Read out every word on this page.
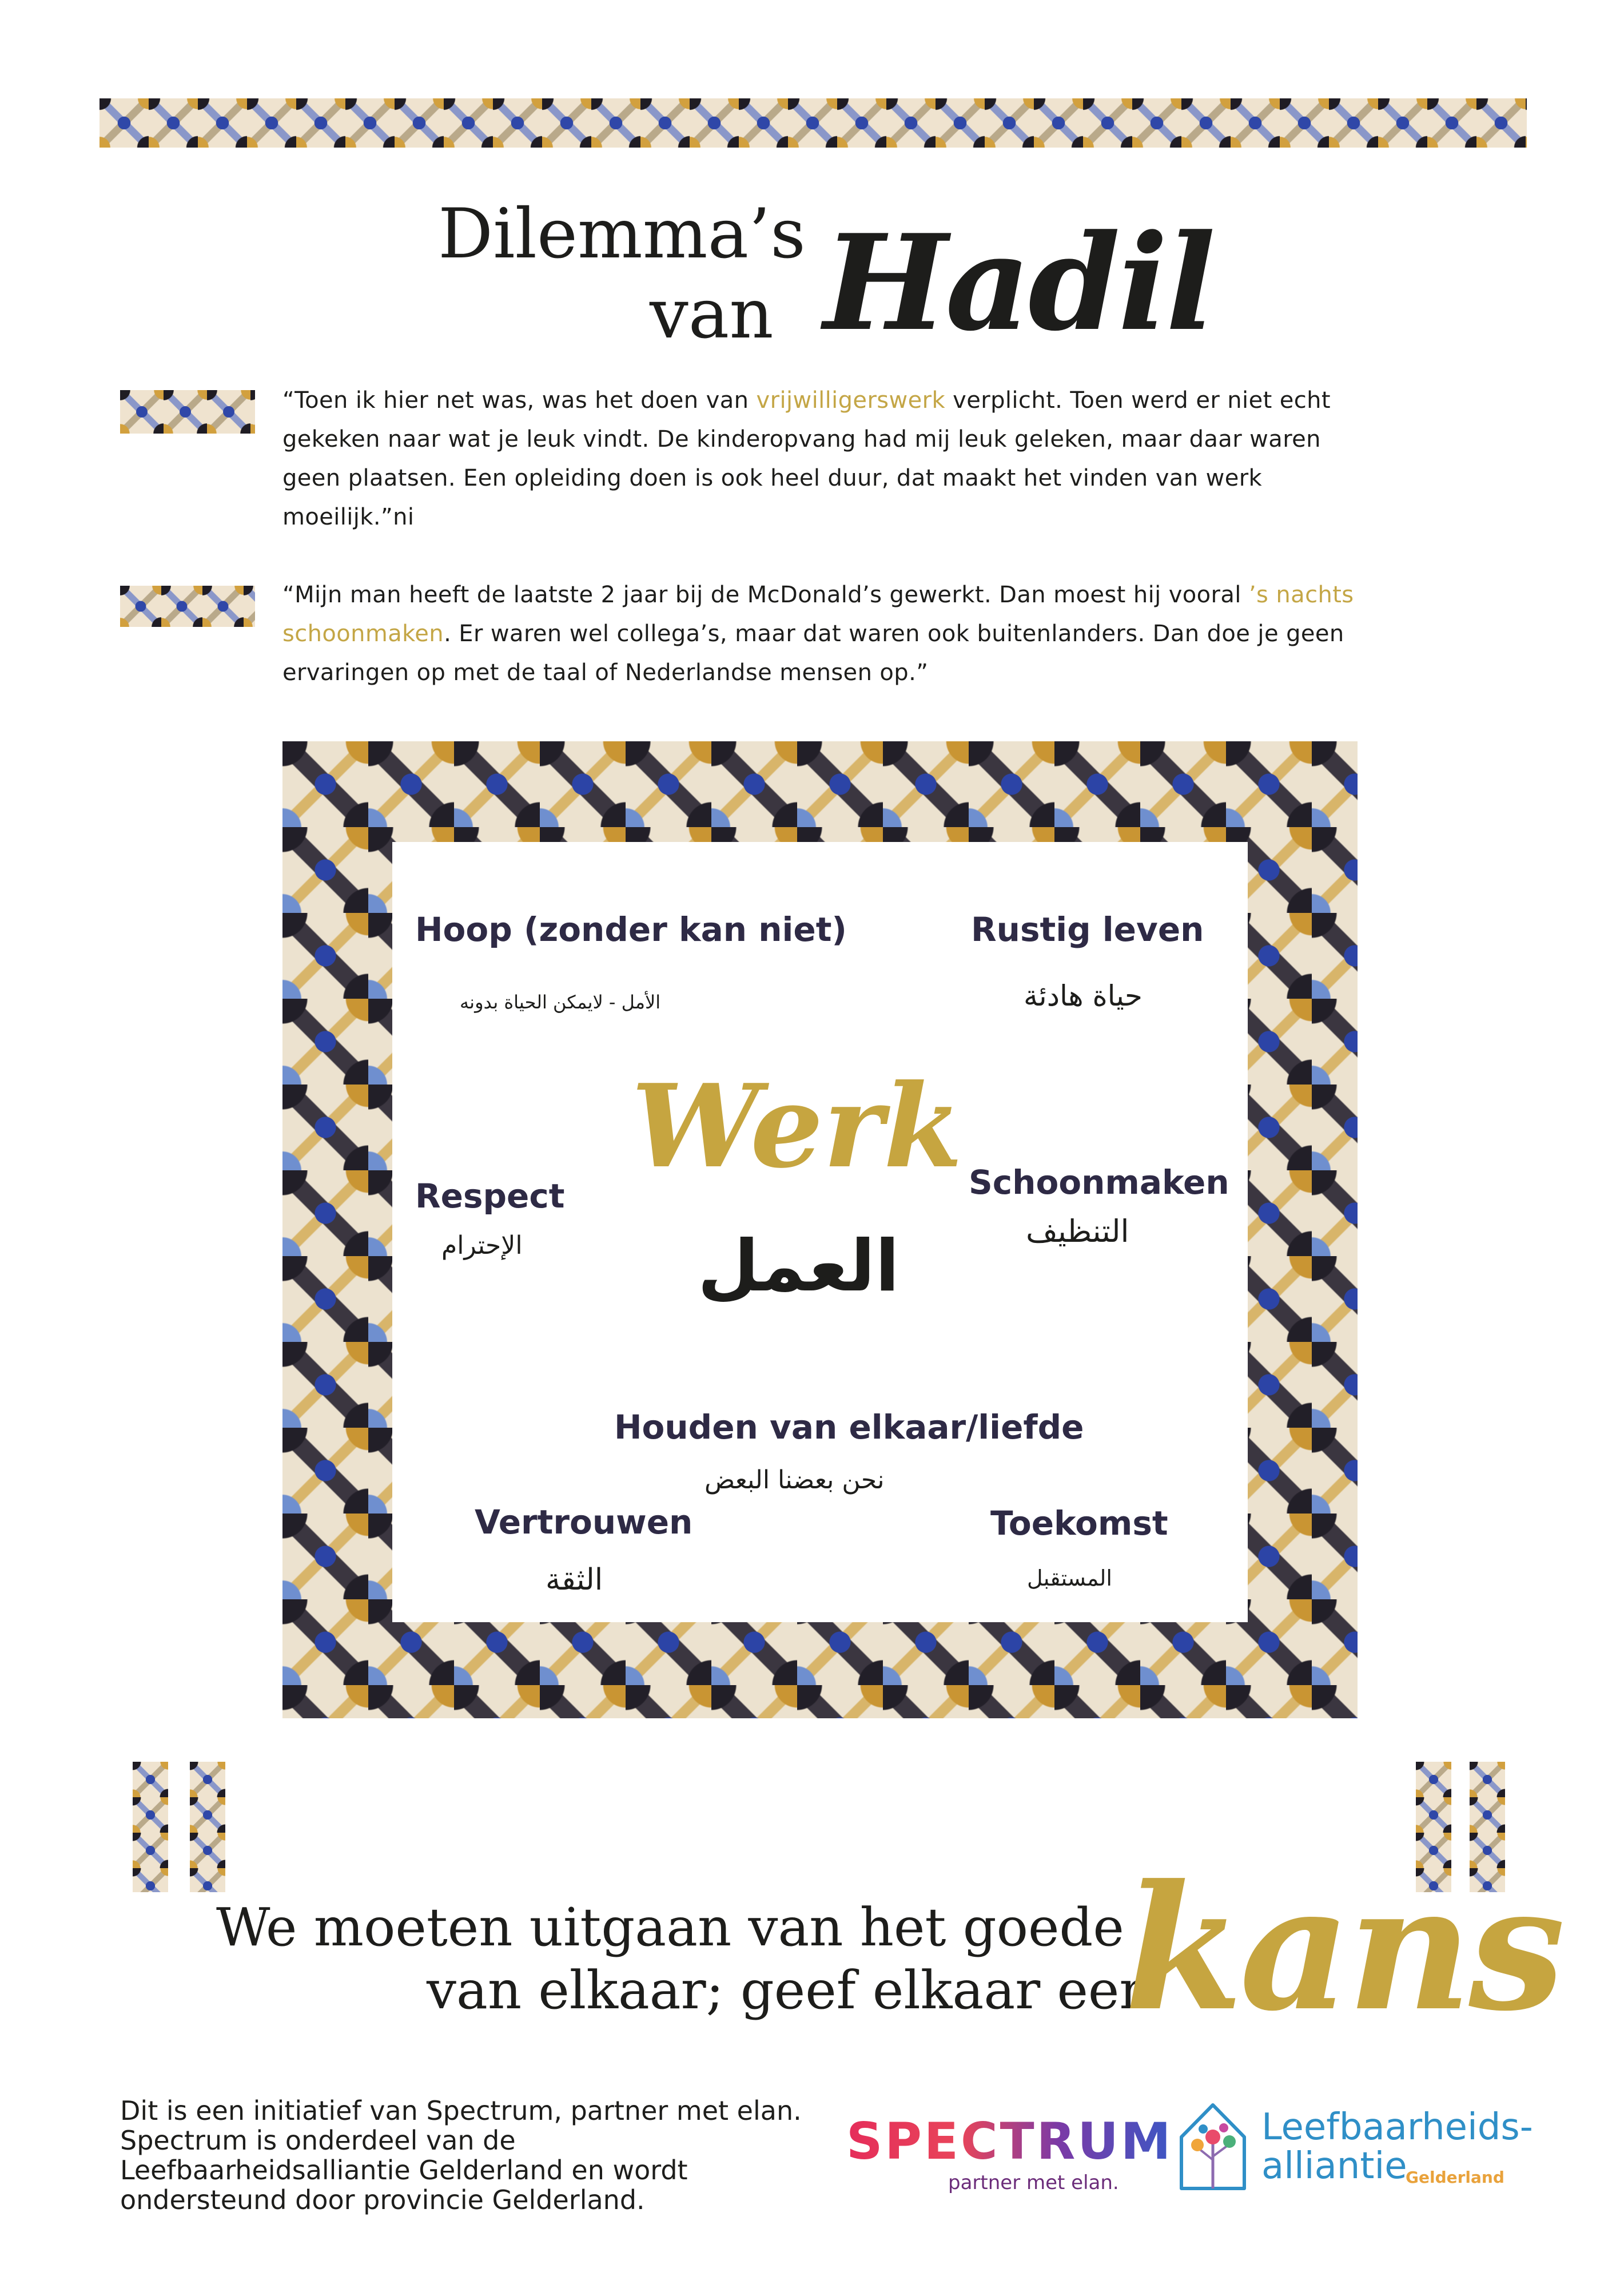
Dilemma’s
van Hadil
“Toen ik hier net was, was het doen van vrijwilligerswerk verplicht. Toen werd er niet echt gekeken naar wat je leuk vindt. De kinderopvang had mij leuk geleken, maar daar waren geen plaatsen. Een opleiding doen is ook heel duur, dat maakt het vinden van werk moeilijk.”ni
“Mijn man heeft de laatste 2 jaar bij de McDonald’s gewerkt. Dan moest hij vooral ’s nachts schoonmaken. Er waren wel collega’s, maar dat waren ook buitenlanders. Dan doe je geen ervaringen op met de taal of Nederlandse mensen op.”
Hoop (zonder kan niet)
الأمل - لايمكن الحياة بدونه
Rustig leven
حياة هادئة
Werk
العمل
Respect
الإحترام
Schoonmaken
التنظيف
Houden van elkaar/liefde
نحن بعضنا البعض
Vertrouwen
الثقة
Toekomst
المستقبل
We moeten uitgaan van het goede
van elkaar; geef elkaar een
kans
Dit is een initiatief van Spectrum, partner met elan. Spectrum is onderdeel van de Leefbaarheidsalliantie Gelderland en wordt ondersteund door provincie Gelderland.
SPECTRUM
partner met elan.
Leefbaarheids-
alliantie
Gelderland
